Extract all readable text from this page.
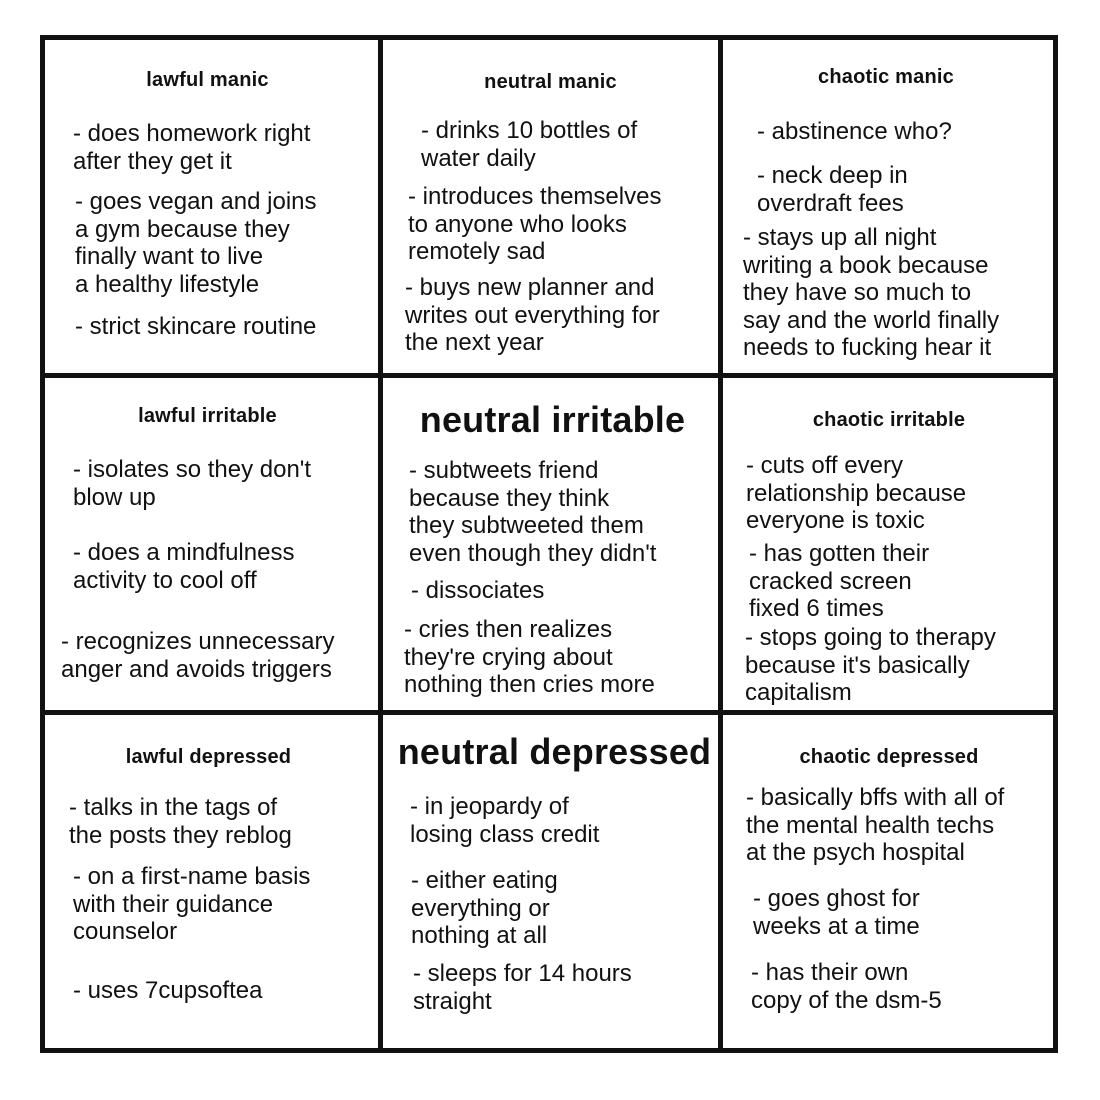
lawful manic
- does homework right
after they get it
- goes vegan and joins
a gym because they
finally want to live
a healthy lifestyle
- strict skincare routine
neutral manic
- drinks 10 bottles of
water daily
- introduces themselves
to anyone who looks
remotely sad
- buys new planner and
writes out everything for
the next year
chaotic manic
- abstinence who?
- neck deep in
overdraft fees
- stays up all night
writing a book because
they have so much to
say and the world finally
needs to fucking hear it
lawful irritable
- isolates so they don't
blow up
- does a mindfulness
activity to cool off
- recognizes unnecessary
anger and avoids triggers
neutral irritable
- subtweets friend
because they think
they subtweeted them
even though they didn't
- dissociates
- cries then realizes
they're crying about
nothing then cries more
chaotic irritable
- cuts off every
relationship because
everyone is toxic
- has gotten their
cracked screen
fixed 6 times
- stops going to therapy
because it's basically
capitalism
lawful depressed
- talks in the tags of
the posts they reblog
- on a first-name basis
with their guidance
counselor
- uses 7cupsoftea
neutral depressed
- in jeopardy of
losing class credit
- either eating
everything or
nothing at all
- sleeps for 14 hours
straight
chaotic depressed
- basically bffs with all of
the mental health techs
at the psych hospital
- goes ghost for
weeks at a time
- has their own
copy of the dsm-5
